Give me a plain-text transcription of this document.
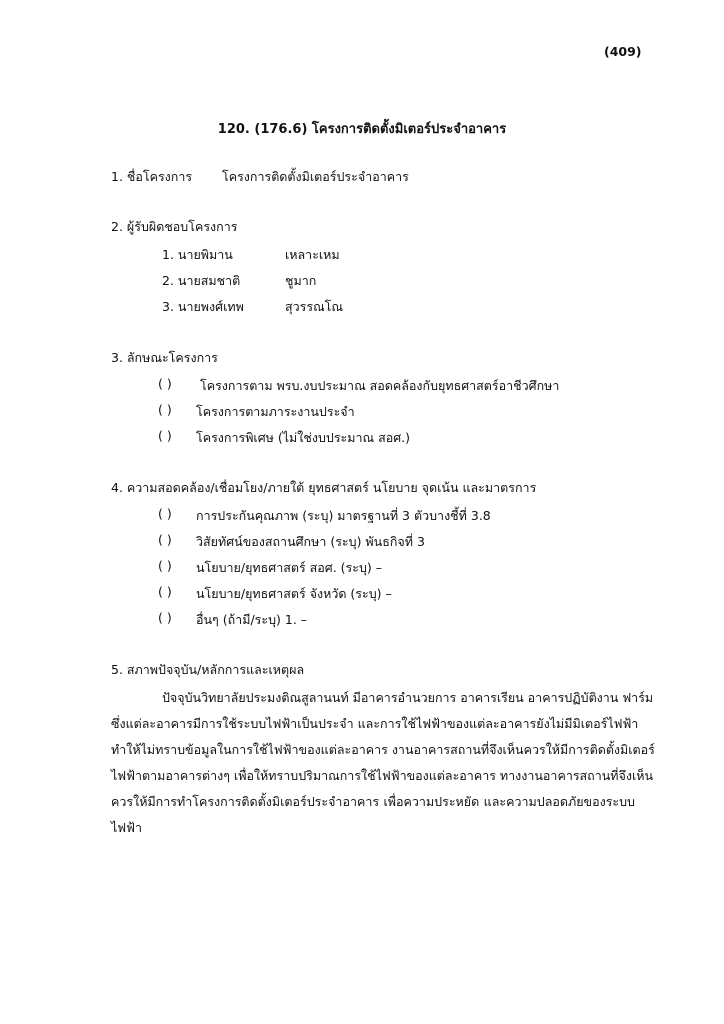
(409)
120. (176.6) โครงการติดตั้งมิเตอร์ประจำอาคาร
1. ชื่อโครงการ โครงการติดตั้งมิเตอร์ประจำอาคาร
2. ผู้รับผิดชอบโครงการ
1. นายพิมาน	เหลาะเหม
2. นายสมชาติ	ชูมาก
3. นายพงศ์เทพ	สุวรรณโณ
3. ลักษณะโครงการ
( )	โครงการตาม พรบ.งบประมาณ สอดคล้องกับยุทธศาสตร์อาชีวศึกษา
( )	โครงการตามภาระงานประจำ
( )	โครงการพิเศษ (ไม่ใช่งบประมาณ สอศ.)
4. ความสอดคล้อง/เชื่อมโยง/ภายใต้ ยุทธศาสตร์ นโยบาย จุดเน้น และมาตรการ
( )	การประกันคุณภาพ (ระบุ) มาตรฐานที่ 3 ตัวบางชี้ที่ 3.8
( )	วิสัยทัศน์ของสถานศึกษา (ระบุ) พันธกิจที่ 3
( )	นโยบาย/ยุทธศาสตร์ สอศ. (ระบุ) –
( )	นโยบาย/ยุทธศาสตร์ จังหวัด (ระบุ) –
( )	อื่นๆ (ถ้ามี/ระบุ) 1. –
5. สภาพปัจจุบัน/หลักการและเหตุผล
ปัจจุบันวิทยาลัยประมงติณสูลานนท์ มีอาคารอำนวยการ อาคารเรียน อาคารปฏิบัติงาน ฟาร์ม
ซึ่งแต่ละอาคารมีการใช้ระบบไฟฟ้าเป็นประจำ และการใช้ไฟฟ้าของแต่ละอาคารยังไม่มีมิเตอร์ไฟฟ้า
ทำให้ไม่ทราบข้อมูลในการใช้ไฟฟ้าของแต่ละอาคาร งานอาคารสถานที่จึงเห็นควรให้มีการติดตั้งมิเตอร์
ไฟฟ้าตามอาคารต่างๆ เพื่อให้ทราบปริมาณการใช้ไฟฟ้าของแต่ละอาคาร ทางงานอาคารสถานที่จึงเห็น
ควรให้มีการทำโครงการติดตั้งมิเตอร์ประจำอาคาร เพื่อความประหยัด และความปลอดภัยของระบบ
ไฟฟ้า
